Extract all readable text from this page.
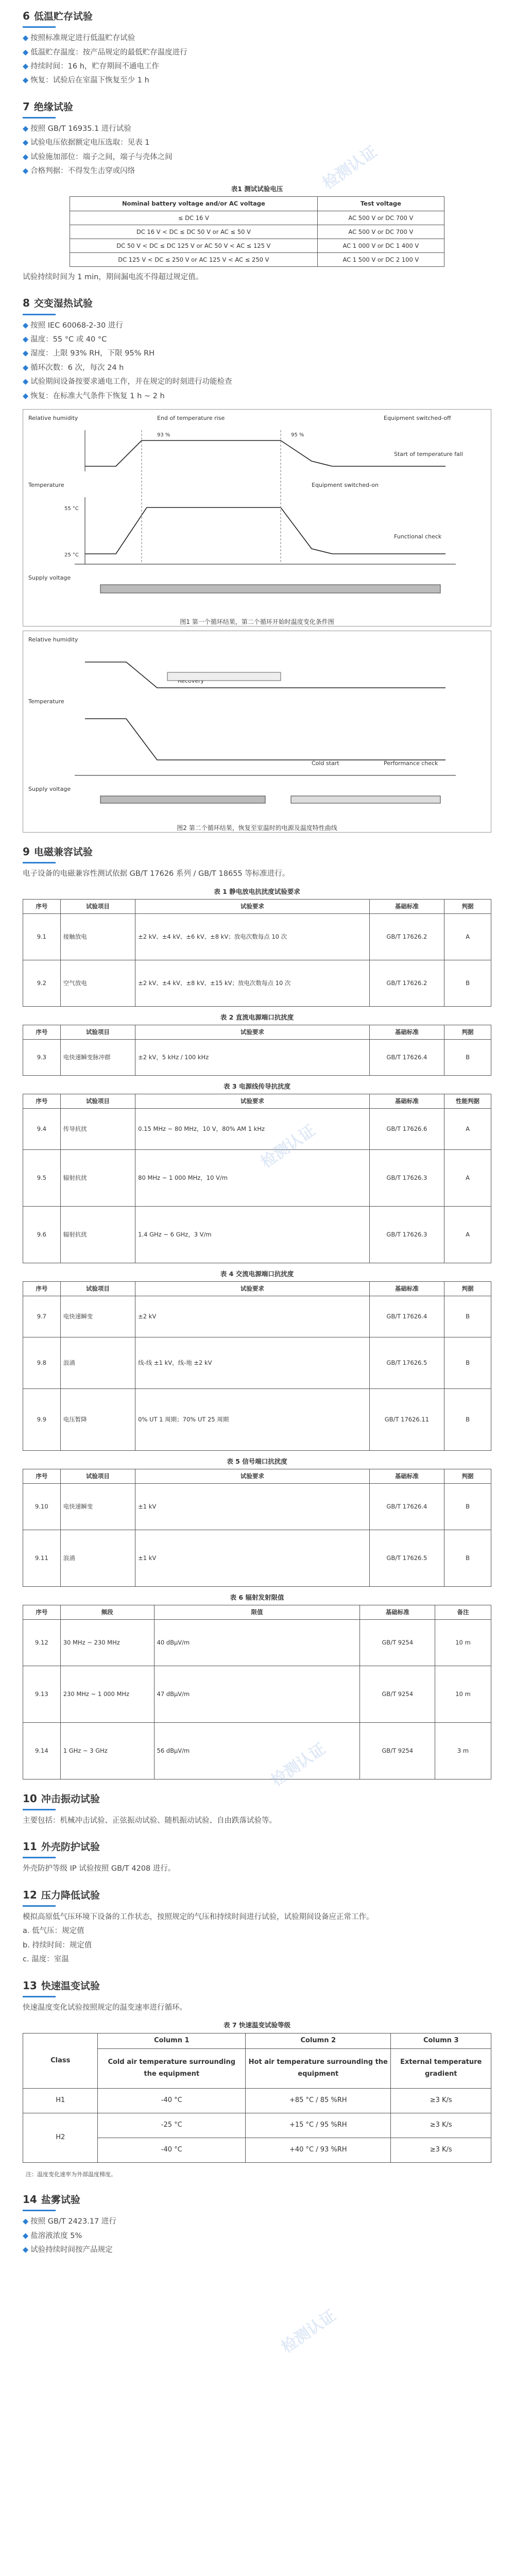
6 低温贮存试验

◆ 按照标准规定进行低温贮存试验

◆ 低温贮存温度：按产品规定的最低贮存温度进行

◆ 持续时间：16 h，贮存期间不通电工作

◆ 恢复：试验后在室温下恢复至少 1 h

7 绝缘试验

◆ 按照 GB/T 16935.1 进行试验

◆ 试验电压依据额定电压选取：见表 1

◆ 试验施加部位：端子之间，端子与壳体之间

◆ 合格判据：不得发生击穿或闪络

表1 测试试验电压
Nominal battery voltage and/or AC voltage	Test voltage
≤ DC 16 V	AC 500 V or DC 700 V
DC 16 V < DC ≤ DC 50 V or AC ≤ 50 V	AC 500 V or DC 700 V
DC 50 V < DC ≤ DC 125 V or AC 50 V < AC ≤ 125 V	AC 1 000 V or DC 1 400 V
DC 125 V < DC ≤ 250 V or AC 125 V < AC ≤ 250 V	AC 1 500 V or DC 2 100 V

试验持续时间为 1 min，期间漏电流不得超过规定值。

8 交变湿热试验

◆ 按照 IEC 60068-2-30 进行

◆ 温度：55 °C 或 40 °C

◆ 湿度：上限 93% RH，下限 95% RH

◆ 循环次数：6 次，每次 24 h

◆ 试验期间设备按要求通电工作，并在规定的时刻进行功能检查

◆ 恢复：在标准大气条件下恢复 1 h ~ 2 h

Relative humidity
Temperature
Supply voltage
Equipment switched-on
Equipment switched-off
End of temperature rise
Start of temperature fall
Functional check
93 %	95 %
55 °C
25 °C
图1 第一个循环结果，第二个循环开始时温度变化条件图
Relative humidity
Temperature
Supply voltage
Cold start	Performance check
图2 第二个循环结果，恢复至室温时的电源及温度特性曲线
9 电磁兼容试验

电子设备的电磁兼容性测试依据 GB/T 17626 系列 / GB/T 18655 等标准进行。

表 1 静电放电抗扰度试验要求
序号	试验项目	试验要求	基础标准	判据
9.1	接触放电	±2 kV、±4 kV、±6 kV、±8 kV；放电次数每点 10 次	GB/T 17626.2	A
9.2	空气放电	±2 kV、±4 kV、±8 kV、±15 kV；放电次数每点 10 次	GB/T 17626.2	B
表 2 直流电源端口抗扰度
序号	试验项目	试验要求	基础标准	判据
9.3	电快速瞬变脉冲群	±2 kV，5 kHz / 100 kHz	GB/T 17626.4	B
表 3 电源线传导抗扰度
序号	试验项目	试验要求	基础标准	性能判据
9.4	传导抗扰	0.15 MHz ~ 80 MHz，10 V，80% AM 1 kHz	GB/T 17626.6	A
9.5	辐射抗扰	80 MHz ~ 1 000 MHz，10 V/m	GB/T 17626.3	A
9.6	辐射抗扰	1.4 GHz ~ 6 GHz，3 V/m	GB/T 17626.3	A
表 4 交流电源端口抗扰度
序号	试验项目	试验要求	基础标准	判据
9.7	电快速瞬变	±2 kV	GB/T 17626.4	B
9.8	浪涌	线-线 ±1 kV，线-地 ±2 kV	GB/T 17626.5	B
9.9	电压暂降	0% UT 1 周期；70% UT 25 周期	GB/T 17626.11	B
表 5 信号端口抗扰度
序号	试验项目	试验要求	基础标准	判据
9.10	电快速瞬变	±1 kV	GB/T 17626.4	B
9.11	浪涌	±1 kV	GB/T 17626.5	B
表 6 辐射发射限值
序号	频段	限值	基础标准	备注
9.12	30 MHz ~ 230 MHz	40 dBμV/m	GB/T 9254	10 m
9.13	230 MHz ~ 1 000 MHz	47 dBμV/m	GB/T 9254	10 m
9.14	1 GHz ~ 3 GHz	56 dBμV/m	GB/T 9254	3 m
10 冲击振动试验

主要包括：机械冲击试验、正弦振动试验、随机振动试验、自由跌落试验等。

11 外壳防护试验

外壳防护等级 IP 试验按照 GB/T 4208 进行。

12 压力降低试验

模拟高原低气压环境下设备的工作状态，按照规定的气压和持续时间进行试验，试验期间设备应正常工作。

a. 低气压：规定值

b. 持续时间：规定值

c. 温度：室温

13 快速温变试验

快速温度变化试验按照规定的温变速率进行循环。

表 7 快速温变试验等级
Class	Column 1	Column 2	Column 3
	Cold air temperature surrounding the equipment	Hot air temperature surrounding the equipment	External temperature gradient
H1	-40 °C	+85 °C / 85 %RH	≥3 K/s
H2	-25 °C	+15 °C / 95 %RH	≥3 K/s
	-40 °C	+40 °C / 93 %RH	≥3 K/s

注：温度变化速率为外部温度梯度。

14 盐雾试验

◆ 按照 GB/T 2423.17 进行

◆ 盐溶液浓度 5%

◆ 试验持续时间按产品规定

检测认证
检测认证
检测认证
检测认证
